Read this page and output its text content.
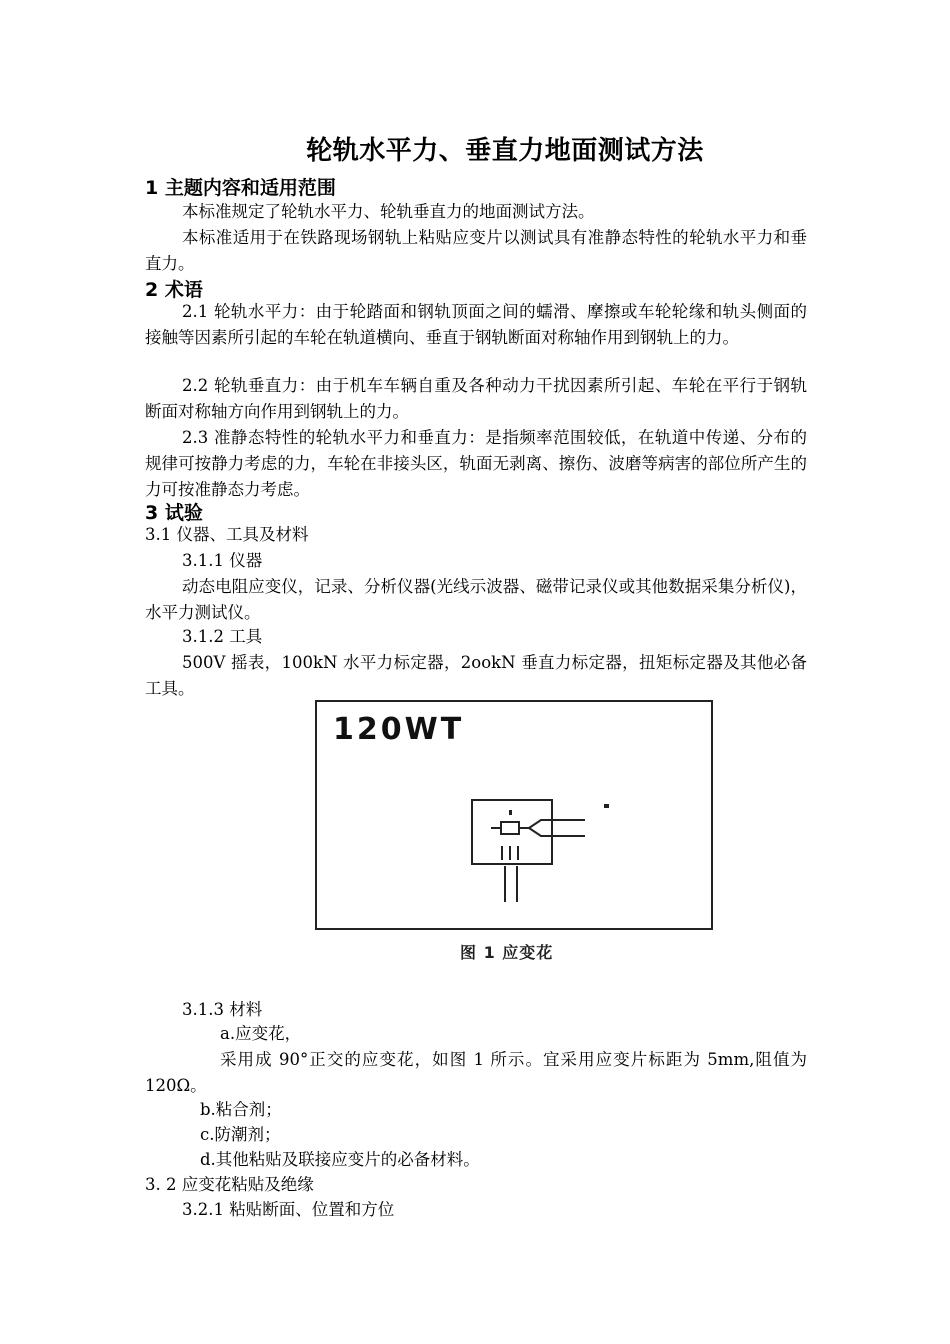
轮轨水平力、垂直力地面测试方法
1 主题内容和适用范围
本标准规定了轮轨水平力、轮轨垂直力的地面测试方法。
本标准适用于在铁路现场钢轨上粘贴应变片以测试具有准静态特性的轮轨水平力和垂直力。
2 术语
2.1 轮轨水平力：由于轮踏面和钢轨顶面之间的蠕滑、摩擦或车轮轮缘和轨头侧面的接触等因素所引起的车轮在轨道横向、垂直于钢轨断面对称轴作用到钢轨上的力。
2.2 轮轨垂直力：由于机车车辆自重及各种动力干扰因素所引起、车轮在平行于钢轨断面对称轴方向作用到钢轨上的力。
2.3 准静态特性的轮轨水平力和垂直力：是指频率范围较低，在轨道中传递、分布的规律可按静力考虑的力，车轮在非接头区，轨面无剥离、擦伤、波磨等病害的部位所产生的力可按准静态力考虑。
3 试验
3.1 仪器、工具及材料
3.1.1 仪器
动态电阻应变仪，记录、分析仪器(光线示波器、磁带记录仪或其他数据采集分析仪)，水平力测试仪。
3.1.2 工具
500V 摇表，100kN 水平力标定器，2ookN 垂直力标定器，扭矩标定器及其他必备工具。
120WT
图 1 应变花
3.1.3 材料
a.应变花，
采用成 90°正交的应变花，如图 1 所示。宜采用应变片标距为 5mm,阻值为 120Ω。
b.粘合剂；
c.防潮剂；
d.其他粘贴及联接应变片的必备材料。
3. 2 应变花粘贴及绝缘
3.2.1 粘贴断面、位置和方位
